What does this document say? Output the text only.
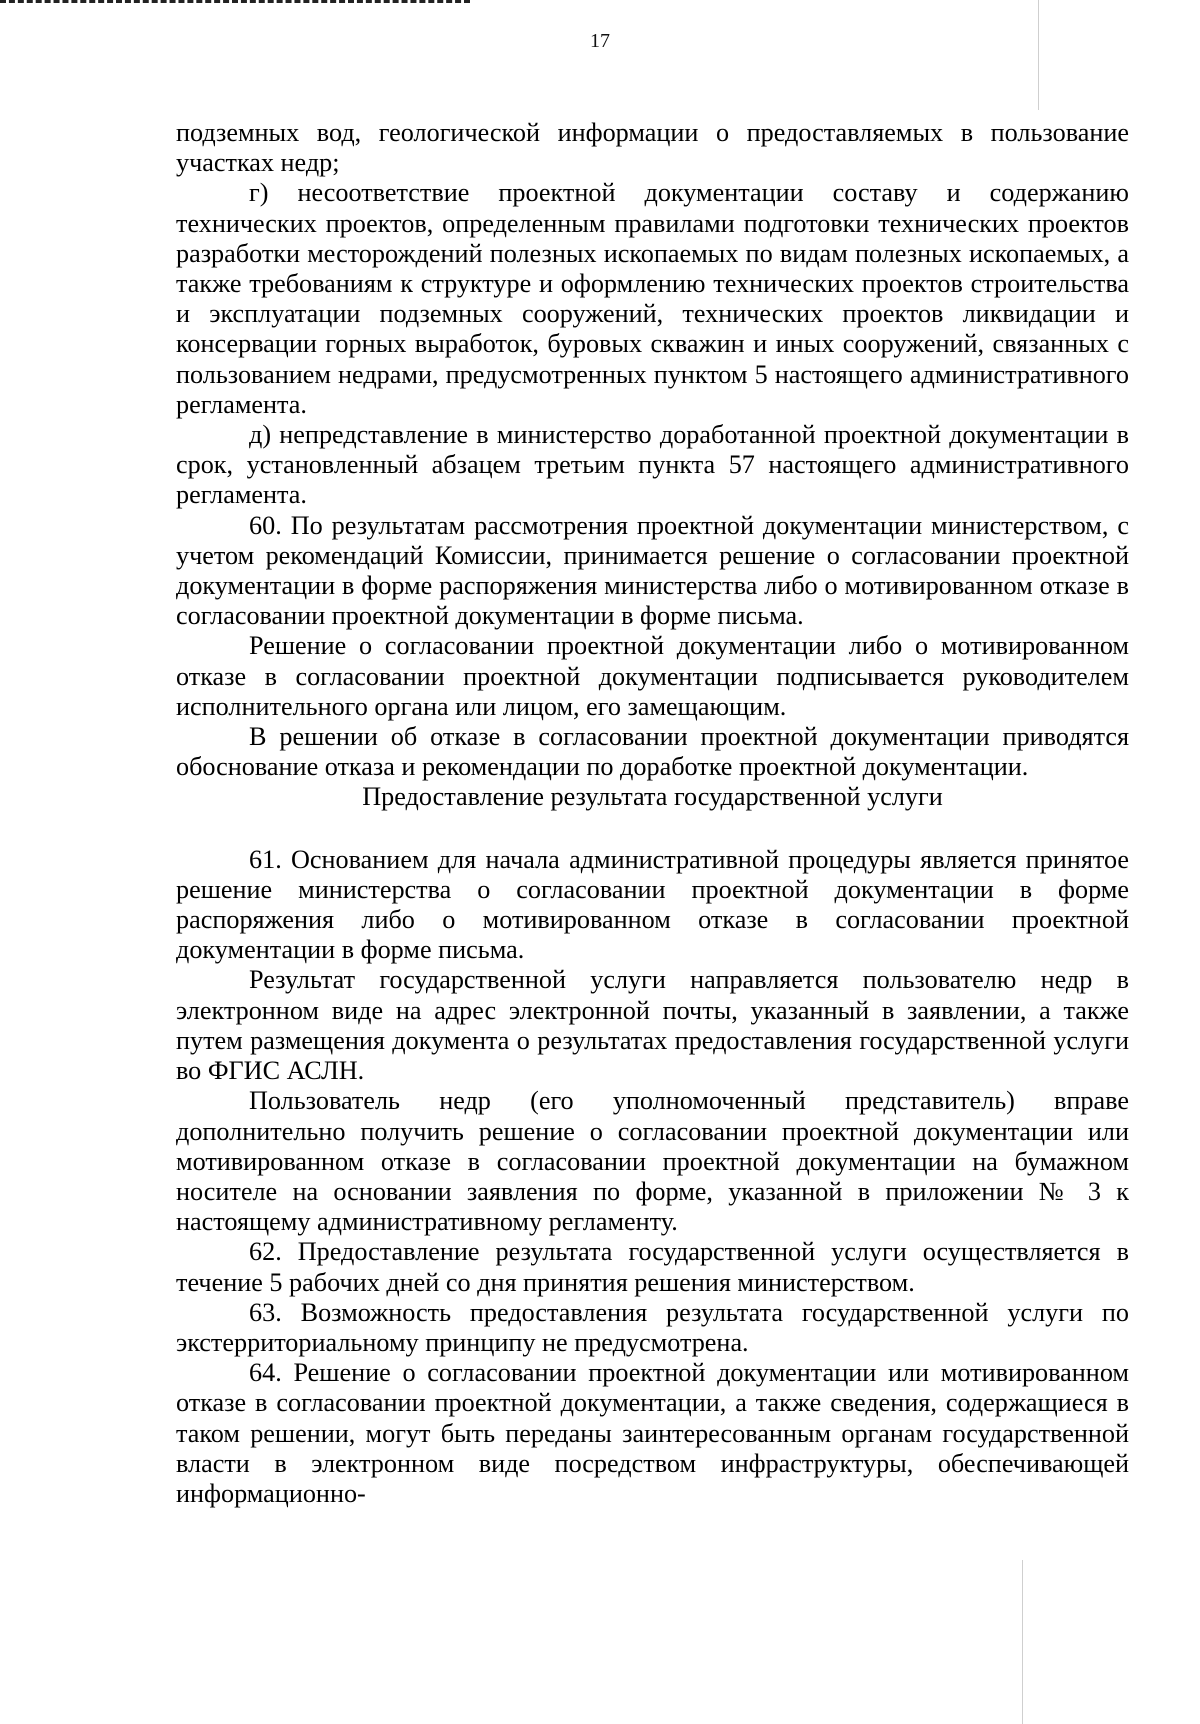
17

подземных вод, геологической информации о предоставляемых в пользование участках недр;

г) несоответствие проектной документации составу и содержанию технических проектов, определенным правилами подготовки технических проектов разработки месторождений полезных ископаемых по видам полезных ископаемых, а также требованиям к структуре и оформлению технических проектов строительства и эксплуатации подземных сооружений, технических проектов ликвидации и консервации горных выработок, буровых скважин и иных сооружений, связанных с пользованием недрами, предусмотренных пунктом 5 настоящего административного регламента.

д) непредставление в министерство доработанной проектной документации в срок, установленный абзацем третьим пункта 57 настоящего административного регламента.

60. По результатам рассмотрения проектной документации министерством, с учетом рекомендаций Комиссии, принимается решение о согласовании проектной документации в форме распоряжения министерства либо о мотивированном отказе в согласовании проектной документации в форме письма.

Решение о согласовании проектной документации либо о мотивированном отказе в согласовании проектной документации подписывается руководителем исполнительного органа или лицом, его замещающим.

В решении об отказе в согласовании проектной документации приводятся обоснование отказа и рекомендации по доработке проектной документации.

Предоставление результата государственной услуги

61. Основанием для начала административной процедуры является принятое решение министерства о согласовании проектной документации в форме распоряжения либо о мотивированном отказе в согласовании проектной документации в форме письма.

Результат государственной услуги направляется пользователю недр в электронном виде на адрес электронной почты, указанный в заявлении, а также путем размещения документа о результатах предоставления государственной услуги во ФГИС АСЛН.

Пользователь недр (его уполномоченный представитель) вправе дополнительно получить решение о согласовании проектной документации или мотивированном отказе в согласовании проектной документации на бумажном носителе на основании заявления по форме, указанной в приложении № 3 к настоящему административному регламенту.

62. Предоставление результата государственной услуги осуществляется в течение 5 рабочих дней со дня принятия решения министерством.

63. Возможность предоставления результата государственной услуги по экстерриториальному принципу не предусмотрена.

64. Решение о согласовании проектной документации или мотивированном отказе в согласовании проектной документации, а также сведения, содержащиеся в таком решении, могут быть переданы заинтересованным органам государственной власти в электронном виде посредством инфраструктуры, обеспечивающей информационно-
